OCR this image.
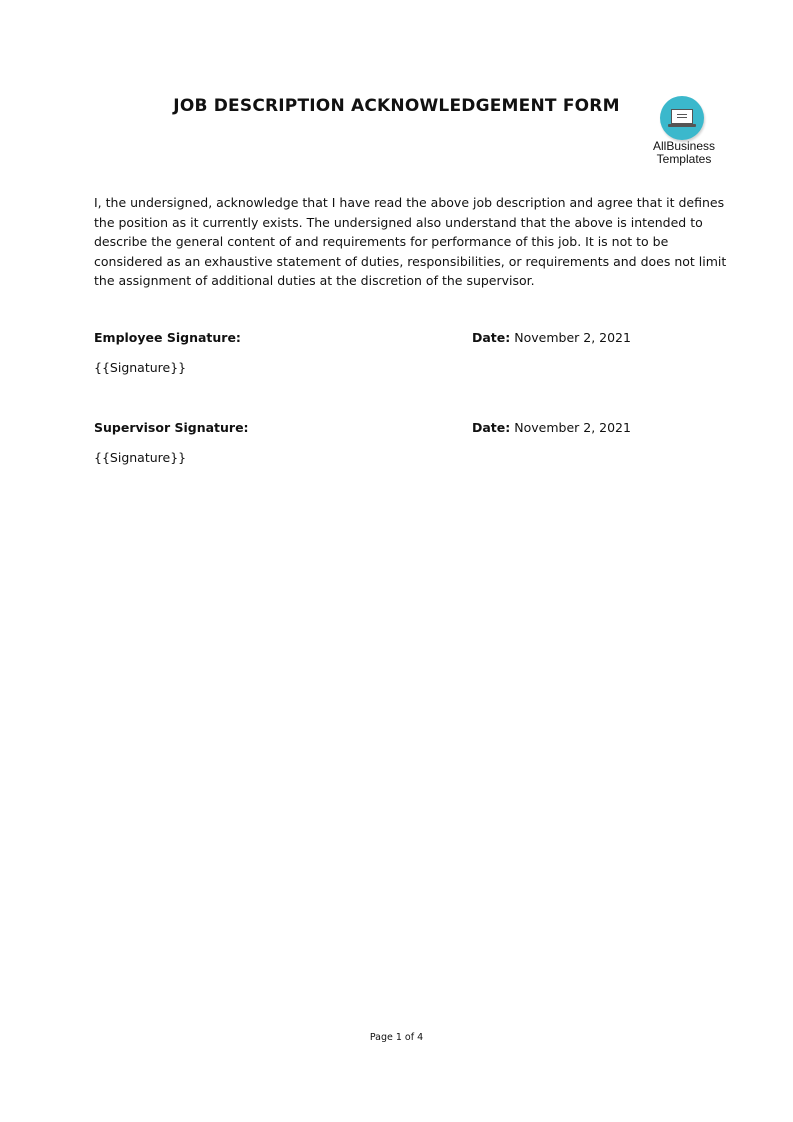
JOB DESCRIPTION ACKNOWLEDGEMENT FORM
AllBusiness
Templates

I, the undersigned, acknowledge that I have read the above job description and agree that it defines

the position as it currently exists. The undersigned also understand that the above is intended to

describe the general content of and requirements for performance of this job. It is not to be

considered as an exhaustive statement of duties, responsibilities, or requirements and does not limit

the assignment of additional duties at the discretion of the supervisor.

Employee Signature:	Date: November 2, 2021
{{Signature}}
Supervisor Signature:	Date: November 2, 2021
{{Signature}}
Page 1 of 4
